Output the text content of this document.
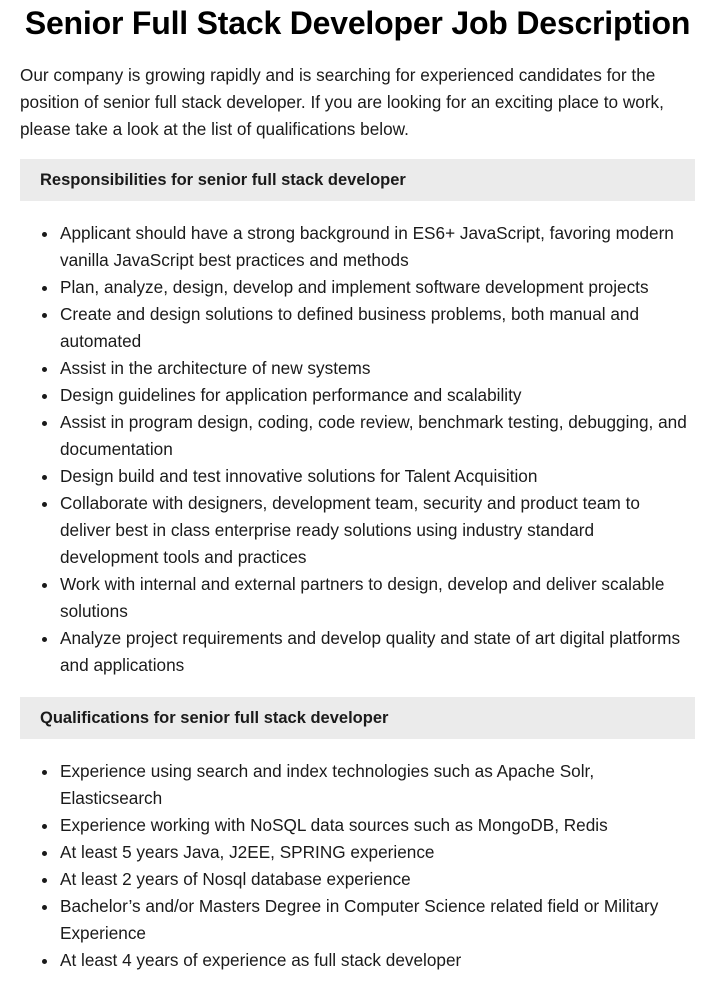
Senior Full Stack Developer Job Description

Our company is growing rapidly and is searching for experienced candidates for the position of senior full stack developer. If you are looking for an exciting place to work, please take a look at the list of qualifications below.

Responsibilities for senior full stack developer
Applicant should have a strong background in ES6+ JavaScript, favoring modern vanilla JavaScript best practices and methods
Plan, analyze, design, develop and implement software development projects
Create and design solutions to defined business problems, both manual and automated
Assist in the architecture of new systems
Design guidelines for application performance and scalability
Assist in program design, coding, code review, benchmark testing, debugging, and documentation
Design build and test innovative solutions for Talent Acquisition
Collaborate with designers, development team, security and product team to deliver best in class enterprise ready solutions using industry standard development tools and practices
Work with internal and external partners to design, develop and deliver scalable solutions
Analyze project requirements and develop quality and state of art digital platforms and applications
Qualifications for senior full stack developer
Experience using search and index technologies such as Apache Solr, Elasticsearch
Experience working with NoSQL data sources such as MongoDB, Redis
At least 5 years Java, J2EE, SPRING experience
At least 2 years of Nosql database experience
Bachelor’s and/or Masters Degree in Computer Science related field or Military Experience
At least 4 years of experience as full stack developer
